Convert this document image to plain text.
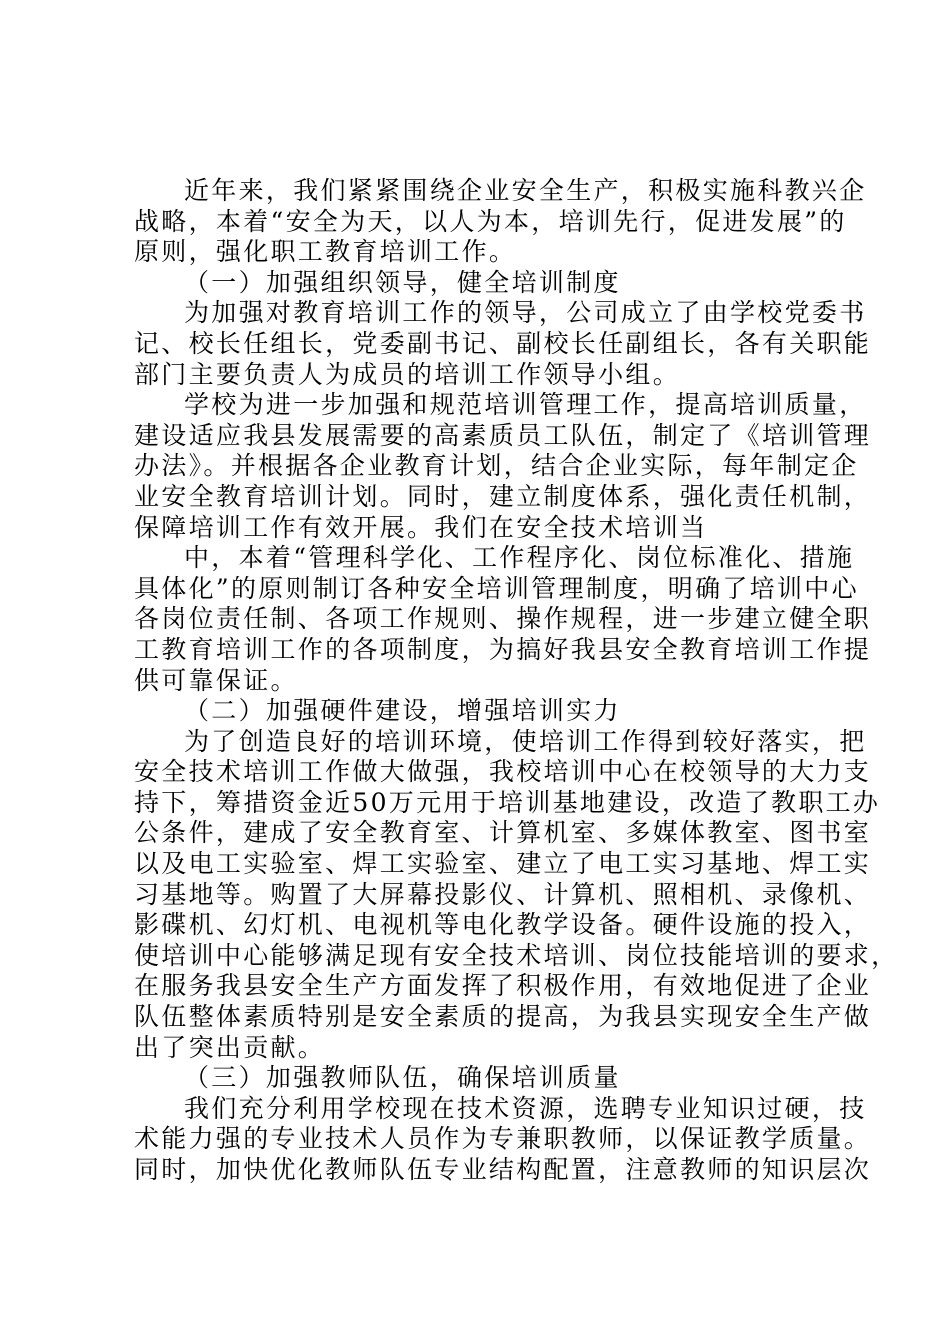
近年来，我们紧紧围绕企业安全生产，积极实施科教兴企
战略，本着“安全为天，以人为本，培训先行，促进发展”的
原则，强化职工教育培训工作。
（一）加强组织领导，健全培训制度
为加强对教育培训工作的领导，公司成立了由学校党委书
记、校长任组长，党委副书记、副校长任副组长，各有关职能
部门主要负责人为成员的培训工作领导小组。
学校为进一步加强和规范培训管理工作，提高培训质量，
建设适应我县发展需要的高素质员工队伍，制定了《培训管理
办法》。并根据各企业教育计划，结合企业实际，每年制定企
业安全教育培训计划。同时，建立制度体系，强化责任机制，
保障培训工作有效开展。我们在安全技术培训当
中，本着“管理科学化、工作程序化、岗位标准化、措施
具体化”的原则制订各种安全培训管理制度，明确了培训中心
各岗位责任制、各项工作规则、操作规程，进一步建立健全职
工教育培训工作的各项制度，为搞好我县安全教育培训工作提
供可靠保证。
（二）加强硬件建设，增强培训实力
为了创造良好的培训环境，使培训工作得到较好落实，把
安全技术培训工作做大做强，我校培训中心在校领导的大力支
持下，筹措资金近50万元用于培训基地建设，改造了教职工办
公条件，建成了安全教育室、计算机室、多媒体教室、图书室
以及电工实验室、焊工实验室、建立了电工实习基地、焊工实
习基地等。购置了大屏幕投影仪、计算机、照相机、录像机、
影碟机、幻灯机、电视机等电化教学设备。硬件设施的投入，
使培训中心能够满足现有安全技术培训、岗位技能培训的要求，
在服务我县安全生产方面发挥了积极作用，有效地促进了企业
队伍整体素质特别是安全素质的提高，为我县实现安全生产做
出了突出贡献。
（三）加强教师队伍，确保培训质量
我们充分利用学校现在技术资源，选聘专业知识过硬，技
术能力强的专业技术人员作为专兼职教师，以保证教学质量。
同时，加快优化教师队伍专业结构配置，注意教师的知识层次
